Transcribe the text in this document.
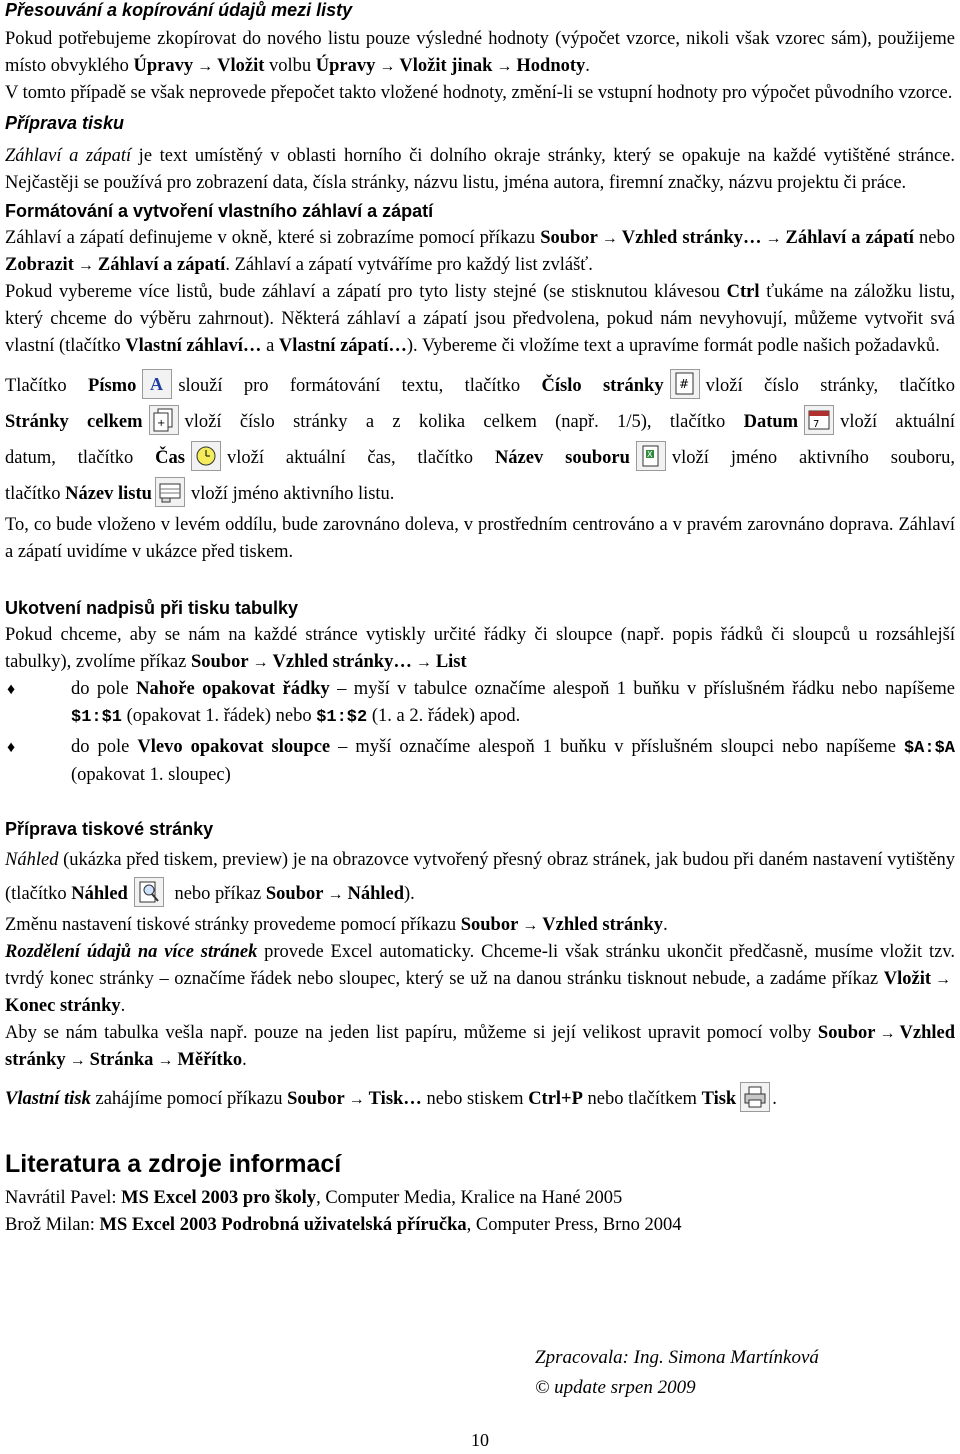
Přesouvání a kopírování údajů mezi listy

Pokud potřebujeme zkopírovat do nového listu pouze výsledné hodnoty (výpočet vzorce, nikoli však vzorec sám), použijeme místo obvyklého Úpravy → Vložit volbu Úpravy → Vložit jinak → Hodnoty.

V tomto případě se však neprovede přepočet takto vložené hodnoty, změní-li se vstupní hodnoty pro výpočet původního vzorce.

Příprava tisku

Záhlaví a zápatí je text umístěný v oblasti horního či dolního okraje stránky, který se opakuje na každé vytištěné stránce. Nejčastěji se používá pro zobrazení data, čísla stránky, názvu listu, jména autora, firemní značky, názvu projektu či práce.

Formátování a vytvoření vlastního záhlaví a zápatí

Záhlaví a zápatí definujeme v okně, které si zobrazíme pomocí příkazu Soubor → Vzhled stránky… → Záhlaví a zápatí nebo Zobrazit → Záhlaví a zápatí. Záhlaví a zápatí vytváříme pro každý list zvlášť.

Pokud vybereme více listů, bude záhlaví a zápatí pro tyto listy stejné (se stisknutou klávesou Ctrl ťukáme na záložku listu, který chceme do výběru zahrnout). Některá záhlaví a zápatí jsou předvolena, pokud nám nevyhovují, můžeme vytvořit svá vlastní (tlačítko Vlastní záhlaví… a Vlastní zápatí…). Vybereme či vložíme text a upravíme formát podle našich požadavků.

Tlačítko Písmo A slouží pro formátování textu, tlačítko Číslo stránky # vloží číslo stránky, tlačítko

Stránky celkem + vloží číslo stránky a z kolika celkem (např. 1/5), tlačítko Datum 7 vloží aktuální

datum, tlačítko Čas vloží aktuální čas, tlačítko Název souboru X vloží jméno aktivního souboru,

tlačítko Název listu vloží jméno aktivního listu.

To, co bude vloženo v levém oddílu, bude zarovnáno doleva, v prostředním centrováno a v pravém zarovnáno doprava. Záhlaví a zápatí uvidíme v ukázce před tiskem.

Ukotvení nadpisů při tisku tabulky

Pokud chceme, aby se nám na každé stránce vytiskly určité řádky či sloupce (např. popis řádků či sloupců u rozsáhlejší tabulky), zvolíme příkaz Soubor → Vzhled stránky… → List

♦	do pole Nahoře opakovat řádky – myší v tabulce označíme alespoň 1 buňku v příslušném řádku nebo napíšeme $1:$1 (opakovat 1. řádek) nebo $1:$2 (1. a 2. řádek) apod.
♦	do pole Vlevo opakovat sloupce – myší označíme alespoň 1 buňku v příslušném sloupci nebo napíšeme $A:$A (opakovat 1. sloupec)
Příprava tiskové stránky

Náhled (ukázka před tiskem, preview) je na obrazovce vytvořený přesný obraz stránek, jak budou při daném nastavení vytištěny (tlačítko Náhled
nebo příkaz Soubor → Náhled).

Změnu nastavení tiskové stránky provedeme pomocí příkazu Soubor → Vzhled stránky.

Rozdělení údajů na více stránek provede Excel automaticky. Chceme-li však stránku ukončit předčasně, musíme vložit tzv. tvrdý konec stránky – označíme řádek nebo sloupec, který se už na danou stránku tisknout nebude, a zadáme příkaz Vložit →Konec stránky.

Aby se nám tabulka vešla např. pouze na jeden list papíru, můžeme si její velikost upravit pomocí volby Soubor → Vzhled stránky → Stránka → Měřítko.

Vlastní tisk zahájíme pomocí příkazu Soubor → Tisk… nebo stiskem Ctrl+P nebo tlačítkem Tisk .

Literatura a zdroje informací

Navrátil Pavel: MS Excel 2003 pro školy, Computer Media, Kralice na Hané 2005

Brož Milan: MS Excel 2003 Podrobná uživatelská příručka, Computer Press, Brno 2004

Zpracovala: Ing. Simona Martínková
© update srpen 2009
10
